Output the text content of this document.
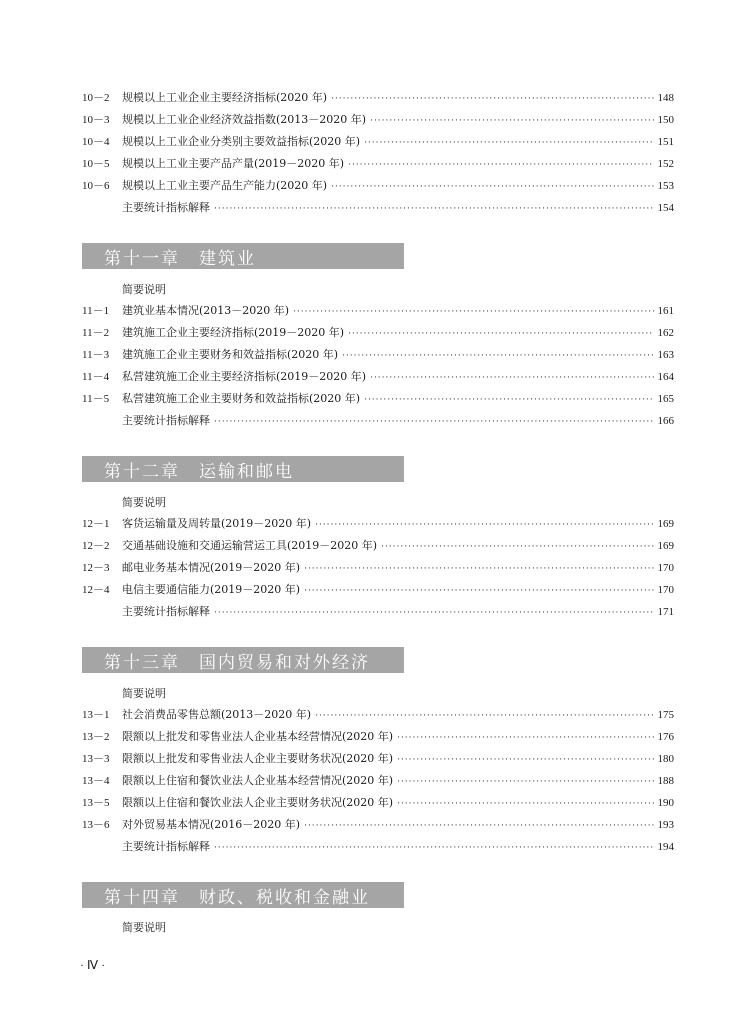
10－2	规模以上工业企业主要经济指标(2020 年) ·····	148
10－3	规模以上工业企业经济效益指数(2013－2020 年) ·····	150
10－4	规模以上工业企业分类别主要效益指标(2020 年) ·····	151
10－5	规模以上工业主要产品产量(2019－2020 年) ·····	152
10－6	规模以上工业主要产品生产能力(2020 年) ·····	153
主要统计指标解释 ·····	154
第十一章　建筑业
简要说明
11－1	建筑业基本情况(2013－2020 年) ·····	161
11－2	建筑施工企业主要经济指标(2019－2020 年) ·····	162
11－3	建筑施工企业主要财务和效益指标(2020 年) ·····	163
11－4	私营建筑施工企业主要经济指标(2019－2020 年) ·····	164
11－5	私营建筑施工企业主要财务和效益指标(2020 年) ·····	165
主要统计指标解释 ·····	166
第十二章　运输和邮电
简要说明
12－1	客货运输量及周转量(2019－2020 年) ·····	169
12－2	交通基础设施和交通运输营运工具(2019－2020 年) ·····	169
12－3	邮电业务基本情况(2019－2020 年) ·····	170
12－4	电信主要通信能力(2019－2020 年) ·····	170
主要统计指标解释 ·····	171
第十三章　国内贸易和对外经济
简要说明
13－1	社会消费品零售总额(2013－2020 年) ·····	175
13－2	限额以上批发和零售业法人企业基本经营情况(2020 年) ·····	176
13－3	限额以上批发和零售业法人企业主要财务状况(2020 年) ·····	180
13－4	限额以上住宿和餐饮业法人企业基本经营情况(2020 年) ·····	188
13－5	限额以上住宿和餐饮业法人企业主要财务状况(2020 年) ·····	190
13－6	对外贸易基本情况(2016－2020 年) ·····	193
主要统计指标解释 ·····	194
第十四章　财政、税收和金融业
简要说明
· Ⅳ ·
